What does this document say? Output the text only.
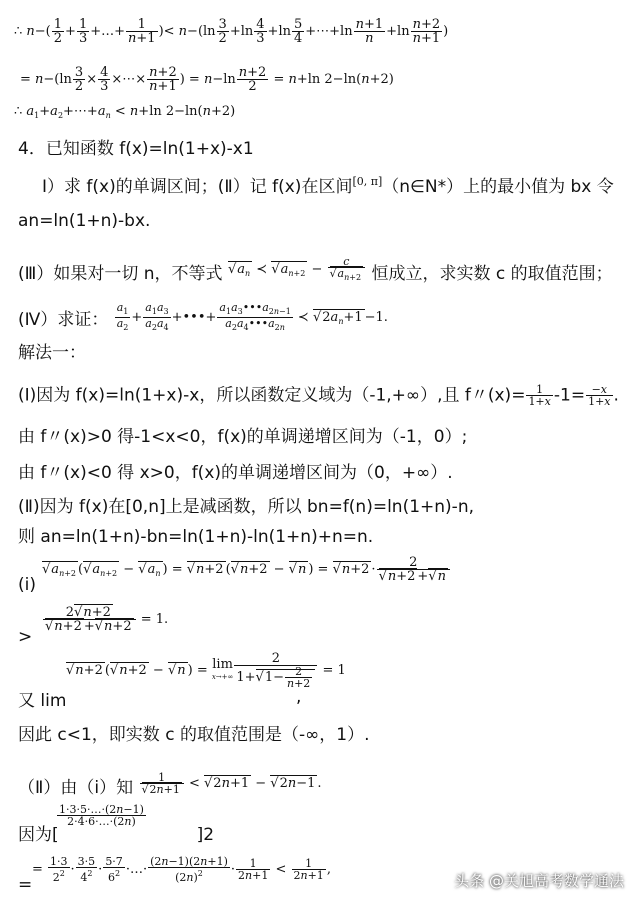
∴ $n-( \frac{1}{2} + \frac{1}{3}$ +…+ $\frac{1}{n+1}$ )< $n-(\ln \frac{3}{2} +\ln \frac{4}{3} +\ln \frac{5}{4}$ +⋯+ln $\frac{n+1}{n} +\ln \frac{n+2}{n+1}$ )
= $n-(\ln \frac{3}{2} \times \frac{4}{3}$ ×⋯× $\frac{n+2}{n+1}$ ) = $n-\ln \frac{n+2}{2} = n+\ln$ 2−ln(n+2)
∴ $a_1+a_2+\cdots+a_n < n+\ln$ 2−ln(n+2)
4．已知函数 f(x)=ln(1+x)-x1
I）求 f(x)的单调区间；(Ⅱ）记 f(x)在区间[0, π]（n∈N*）上的最小值为 bx 令
an=ln(1+n)-bx.
(Ⅲ）如果对一切 n，不等式 √ $a_n$ ≺ √ $a_{n+2} - c$
√ $a_{n+2}$ 恒成立，求实数 c 的取值范围；
(Ⅳ）求证： $\frac{a_1}{a_2} + \frac{a_1a_3}{a_2a_4}$ +•••+ $\frac{a_1a_3•••a_{2n-1}}{a_2a_4•••a_{2n}}$ ≺ √ $2a_n+1 -1$.
解法一：
(Ⅰ)因为 f(x)=ln(1+x)-x，所以函数定义域为（-1,+∞）,且 f〃$(x)= \frac{1}{1+x} -1= \frac{-x}{1+x}$ .
由 f〃(x)>0 得-1<x<0，f(x)的单调递增区间为（-1，0）;
由 f〃(x)<0 得 x>0，f(x)的单调递增区间为（0，+∞）.
(Ⅱ)因为 f(x)在[0,n]上是减函数，所以 bn=f(n)=ln(1+n)-n,
则 an=ln(1+n)-bn=ln(1+n)-ln(1+n)+n=n.
√ $a_{n+2}$ ( √ $a_{n+2}$ − √ $a_n$ ) = √ n+2 ( √ n+2 − √ n ) = √ n+2 · 2
√ n+2 + √ n
(i)
2 √ n+2
√ n+2 + √ n+2 = 1.
>
√ n+2 ( √ n+2 − √ n ) = lim
$x\to+\infty \frac{2}{1+ √ 1- \frac{2}{n+2}} = 1$
又 lim	,
因此 c<1，即实数 c 的取值范围是（-∞，1）.
（Ⅱ）由（i）知 1
√ 2n+1 < √ 2n+1 − √ 2n−1 .
$\frac{1\cdot 3\cdot 5\cdot\dots\cdot(2n-1)}{2\cdot 4\cdot 6\cdot\dots\cdot(2n)}$
因为[	]2
=
= $\frac{1\cdot 3}{2^2} \cdot \frac{3\cdot 5}{4^2} \cdot \frac{5\cdot 7}{6^2}$ ·…· $\frac{(2n-1)(2n+1)}{(2n)^2} \cdot \frac{1}{2n+1} < \frac{1}{2n+1}$ ,
头条 @关旭高考数学通法
